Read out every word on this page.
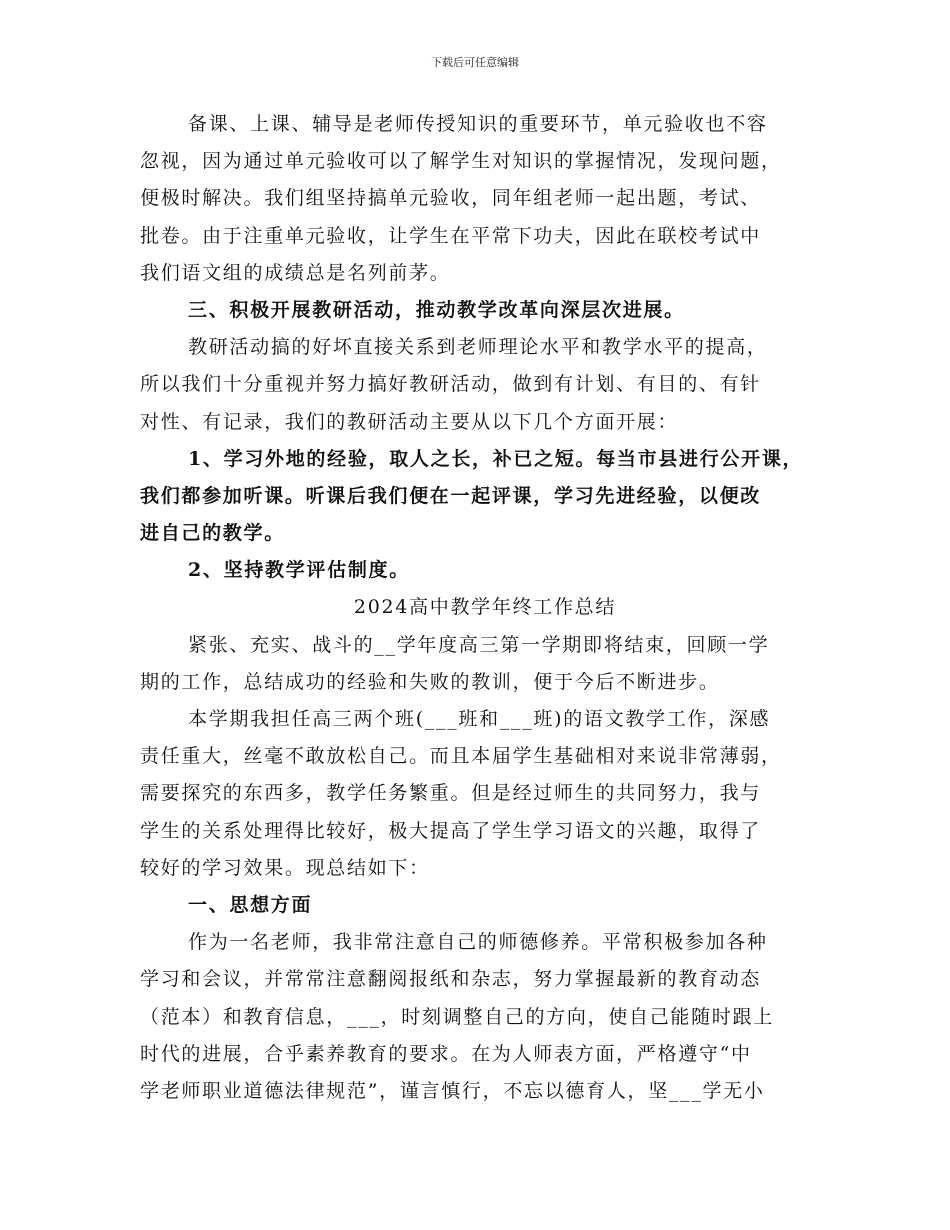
下载后可任意编辑
备课、上课、辅导是老师传授知识的重要环节，单元验收也不容
忽视，因为通过单元验收可以了解学生对知识的掌握情况，发现问题，
便极时解决。我们组坚持搞单元验收，同年组老师一起出题，考试、
批卷。由于注重单元验收，让学生在平常下功夫，因此在联校考试中
我们语文组的成绩总是名列前茅。
三、积极开展教研活动，推动教学改革向深层次进展。
教研活动搞的好坏直接关系到老师理论水平和教学水平的提高，
所以我们十分重视并努力搞好教研活动，做到有计划、有目的、有针
对性、有记录，我们的教研活动主要从以下几个方面开展：
1、学习外地的经验，取人之长，补已之短。每当市县进行公开课，
我们都参加听课。听课后我们便在一起评课，学习先进经验，以便改
进自己的教学。
2、坚持教学评估制度。
2024高中教学年终工作总结
紧张、充实、战斗的__学年度高三第一学期即将结束，回顾一学
期的工作，总结成功的经验和失败的教训，便于今后不断进步。
本学期我担任高三两个班(___班和___班)的语文教学工作，深感
责任重大，丝毫不敢放松自己。而且本届学生基础相对来说非常薄弱，
需要探究的东西多，教学任务繁重。但是经过师生的共同努力，我与
学生的关系处理得比较好，极大提高了学生学习语文的兴趣，取得了
较好的学习效果。现总结如下：
一、思想方面
作为一名老师，我非常注意自己的师德修养。平常积极参加各种
学习和会议，并常常注意翻阅报纸和杂志，努力掌握最新的教育动态
（范本）和教育信息，___，时刻调整自己的方向，使自己能随时跟上
时代的进展，合乎素养教育的要求。在为人师表方面，严格遵守“中
学老师职业道德法律规范”，谨言慎行，不忘以德育人，坚___学无小
